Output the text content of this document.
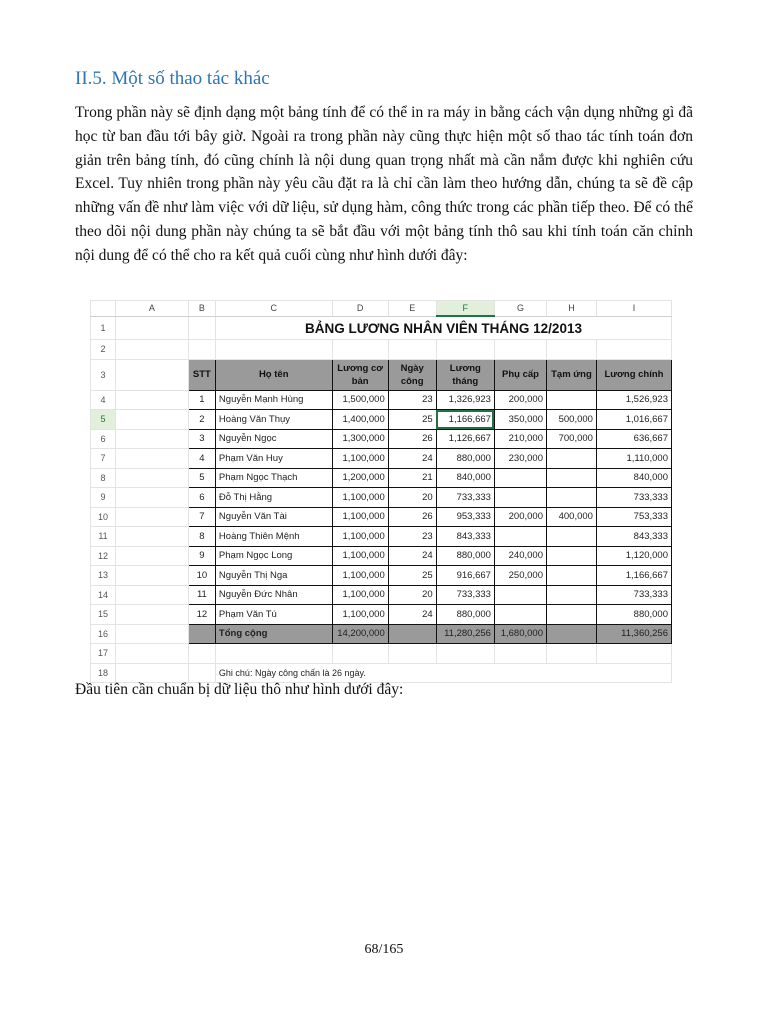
II.5. Một số thao tác khác

Trong phần này sẽ định dạng một bảng tính để có thể in ra máy in bằng cách vận dụng những gì đã học từ ban đầu tới bây giờ. Ngoài ra trong phần này cũng thực hiện một số thao tác tính toán đơn giản trên bảng tính, đó cũng chính là nội dung quan trọng nhất mà cần nắm được khi nghiên cứu Excel. Tuy nhiên trong phần này yêu cầu đặt ra là chỉ cần làm theo hướng dẫn, chúng ta sẽ đề cập những vấn đề như làm việc với dữ liệu, sử dụng hàm, công thức trong các phần tiếp theo. Để có thể theo dõi nội dung phần này chúng ta sẽ bắt đầu với một bảng tính thô sau khi tính toán căn chỉnh nội dung để có thể cho ra kết quả cuối cùng như hình dưới đây:

	A	B	C	D	E	F	G	H	I
1			BẢNG LƯƠNG NHÂN VIÊN THÁNG 12/2013						
2									
3		STT	Họ tên	Lương cơ bản	Ngày công	Lương tháng	Phụ cấp	Tạm ứng	Lương chính
4		1	Nguyễn Mạnh Hùng	1,500,000	23	1,326,923	200,000		1,526,923
5		2	Hoàng Văn Thụy	1,400,000	25	1,166,667	350,000	500,000	1,016,667
6		3	Nguyễn Ngọc	1,300,000	26	1,126,667	210,000	700,000	636,667
7		4	Phạm Văn Huy	1,100,000	24	880,000	230,000		1,110,000
8		5	Phạm Ngọc Thạch	1,200,000	21	840,000			840,000
9		6	Đỗ Thị Hằng	1,100,000	20	733,333			733,333
10		7	Nguyễn Văn Tài	1,100,000	26	953,333	200,000	400,000	753,333
11		8	Hoàng Thiên Mệnh	1,100,000	23	843,333			843,333
12		9	Phạm Ngọc Long	1,100,000	24	880,000	240,000		1,120,000
13		10	Nguyễn Thị Nga	1,100,000	25	916,667	250,000		1,166,667
14		11	Nguyễn Đức Nhân	1,100,000	20	733,333			733,333
15		12	Phạm Văn Tú	1,100,000	24	880,000			880,000
16			Tổng cộng	14,200,000		11,280,256	1,680,000		11,360,256
17									
18			Ghi chú: Ngày công chấn là 26 ngày.						

Đầu tiên cần chuẩn bị dữ liệu thô như hình dưới đây:

68/165
